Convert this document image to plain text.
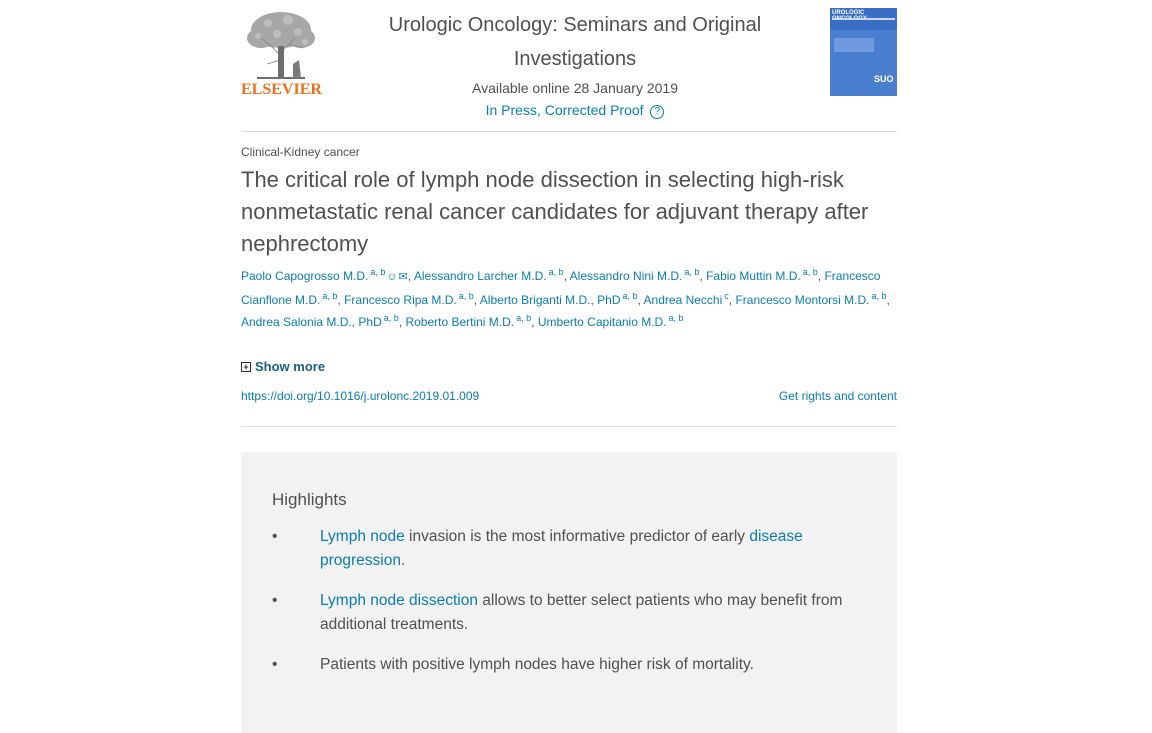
ELSEVIER
Urologic Oncology: Seminars and Original Investigations
Available online 28 January 2019
In Press, Corrected Proof ?
UROLOGIC
SUO
Clinical-Kidney cancer
The critical role of lymph node dissection in selecting high-risk nonmetastatic renal cancer candidates for adjuvant therapy after nephrectomy
Paolo Capogrosso M.D. $^{a, b}$☺✉, Alessandro Larcher M.D. $^{a, b}$, Alessandro Nini M.D. $^{a, b}$, Fabio Muttin M.D. $^{a, b}$, Francesco Cianflone M.D. $^{a, b}$, Francesco Ripa M.D. $^{a, b}$, Alberto Briganti M.D., PhD $^{a, b}$, Andrea Necchi $^c$, Francesco Montorsi M.D. $^{a, b}$, Andrea Salonia M.D., PhD $^{a, b}$, Roberto Bertini M.D. $^{a, b}$, Umberto Capitanio M.D. $^{a, b}$
+ Show more
https://doi.org/10.1016/j.urolonc.2019.01.009	Get rights and content
Highlights
•	Lymph node invasion is the most informative predictor of early disease progression.
•	Lymph node dissection allows to better select patients who may benefit from additional treatments.
•	Patients with positive lymph nodes have higher risk of mortality.
